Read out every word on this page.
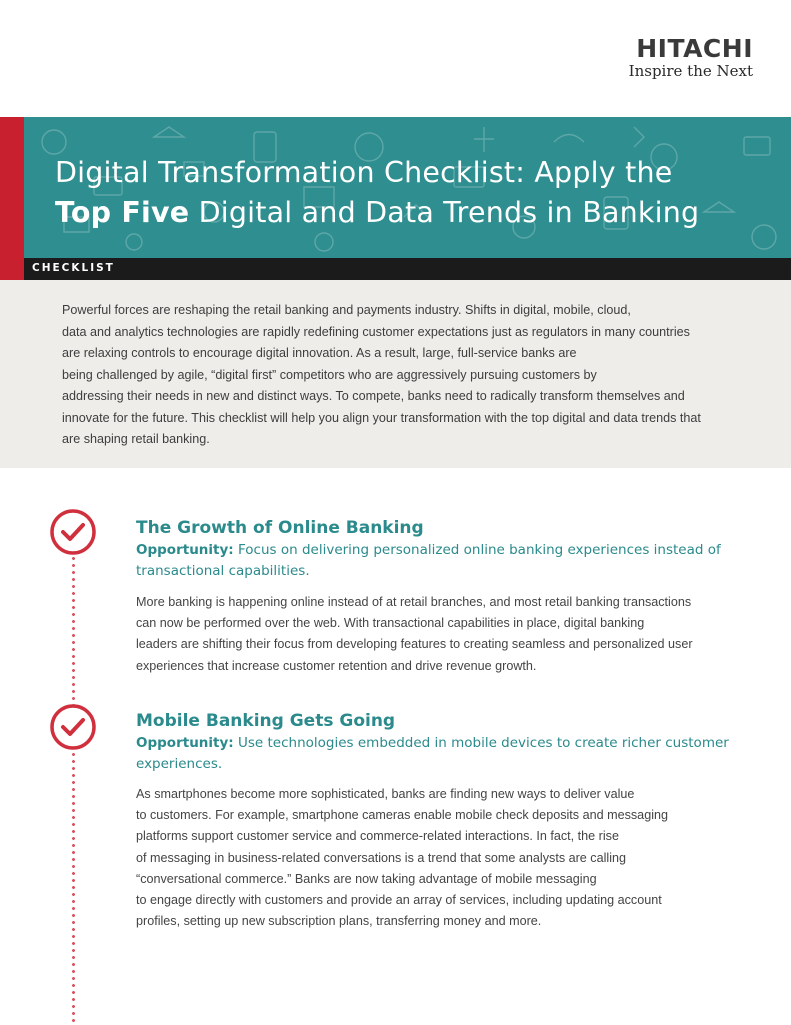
HITACHI
Inspire the Next
Digital Transformation Checklist: Apply the
Top Five Digital and Data Trends in Banking
CHECKLIST

Powerful forces are reshaping the retail banking and payments industry. Shifts in digital, mobile, cloud,

data and analytics technologies are rapidly redefining customer expectations just as regulators in many countries

are relaxing controls to encourage digital innovation. As a result, large, full-service banks are

being challenged by agile, “digital first” competitors who are aggressively pursuing customers by

addressing their needs in new and distinct ways. To compete, banks need to radically transform themselves and

innovate for the future. This checklist will help you align your transformation with the top digital and data trends that

are shaping retail banking.

The Growth of Online Banking
Opportunity: Focus on delivering personalized online banking experiences instead of
transactional capabilities.

More banking is happening online instead of at retail branches, and most retail banking transactions

can now be performed over the web. With transactional capabilities in place, digital banking

leaders are shifting their focus from developing features to creating seamless and personalized user

experiences that increase customer retention and drive revenue growth.

Mobile Banking Gets Going
Opportunity: Use technologies embedded in mobile devices to create richer customer
experiences.

As smartphones become more sophisticated, banks are finding new ways to deliver value

to customers. For example, smartphone cameras enable mobile check deposits and messaging

platforms support customer service and commerce-related interactions. In fact, the rise

of messaging in business-related conversations is a trend that some analysts are calling

“conversational commerce.” Banks are now taking advantage of mobile messaging

to engage directly with customers and provide an array of services, including updating account

profiles, setting up new subscription plans, transferring money and more.
